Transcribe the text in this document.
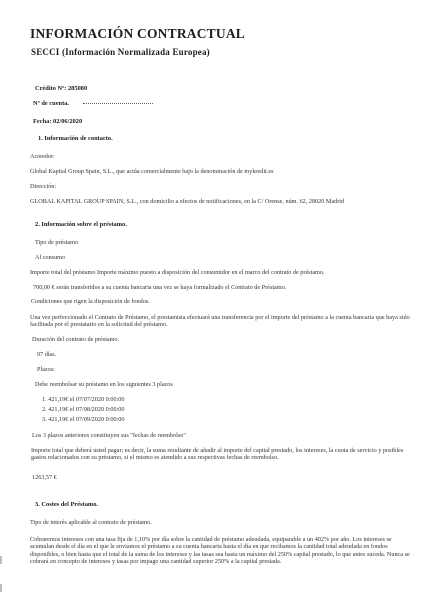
INFORMACIÓN CONTRACTUAL
SECCI (Información Normalizada Europea)
Crédito Nº: 285080
Nº de cuenta.
Fecha: 02/06/2020
1. Información de contacto.
Acreedor:
Global Kapital Group Spain, S.L., que actúa comercialmente bajo la denominación de mykredit.es
Dirección:
GLOBAL KAPITAL GROUP SPAIN, S.L., con domicilio a efectos de notificaciones, en la C/ Orense, núm. 62, 28020 Madrid
2. Información sobre el préstamo.
Tipo de préstamo
Al consumo
Importe total del préstamo Importe máximo puesto a disposición del consumidor en el marco del contrato de préstamo.
700,00 € serán transferidos a su cuenta bancaria una vez se haya formalizado el Contrato de Préstamo.
Condiciones que rigen la disposición de fondos.
Una vez perfeccionado el Contrato de Préstamo, el prestamista efectuará una transferencia por el importe del préstamo a la cuenta bancaria que haya sido facilitada por el prestatario en la solicitud del préstamo.
Duración del contrato de préstamo.
97 días.
Plazos:
Debe reembolsar su préstamo en los siguientes 3 plazos
1. 421,19€ el 07/07/2020 0:00:00
2. 421,19€ el 07/08/2020 0:00:00
3. 421,19€ el 07/09/2020 0:00:00
Los 3 plazos anteriores constituyen sus "fechas de reembolso"
Importe total que deberá usted pagar; es decir, la suma resultante de añadir al importe del capital prestado, los intereses, la cuota de servicio y posibles gastos relacionados con su préstamo, si el mismo es atendido a sus respectivas fechas de reembolso.
1263,57 €
3. Costes del Préstamo.
Tipo de interés aplicable al contrato de préstamo.
Cobraremos intereses con una tasa fija de 1,10% por día sobre la cantidad de préstamo adeudada, equiparable a un 402% por año. Los intereses se acumulan desde el día en el que le enviamos el préstamo a su cuenta bancaria hasta el día en que recibamos la cantidad total adeudada en fondos disponibles, o bien hasta que el total de la suma de los intereses y las tasas sea hasta un máximo del 250% capital prestado, lo que antes suceda. Nunca se cobrará en concepto de intereses y tasas por impago una cantidad superior 250% a la capital prestada.
